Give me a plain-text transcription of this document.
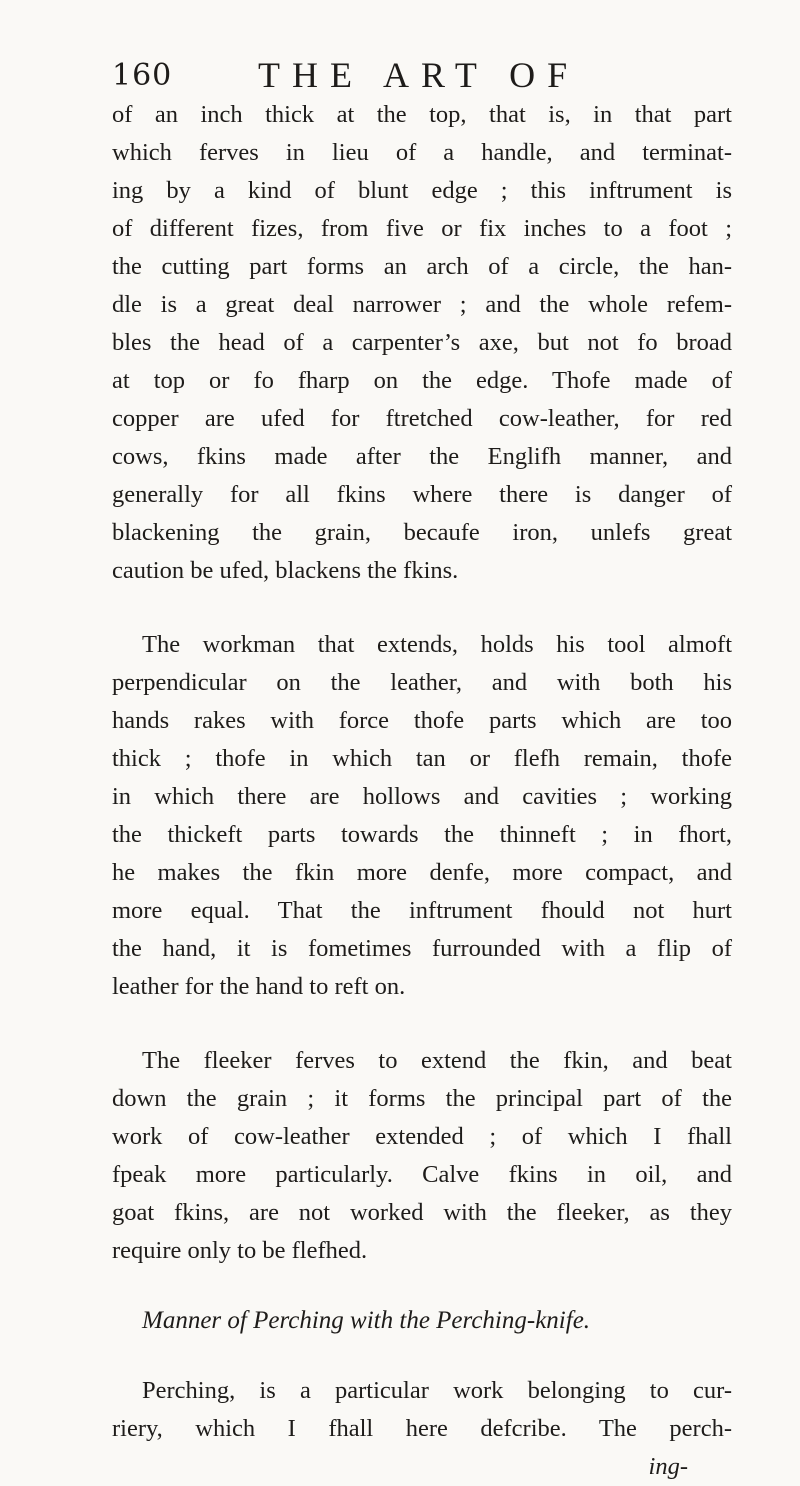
160 THE ART OF
of an inch thick at the top, that is, in that part
which ferves in lieu of a handle, and terminat-
ing by a kind of blunt edge ; this inftrument is
of different fizes, from five or fix inches to a foot ;
the cutting part forms an arch of a circle, the han-
dle is a great deal narrower ; and the whole refem-
bles the head of a carpenter’s axe, but not fo broad
at top or fo fharp on the edge. Thofe made of
copper are ufed for ftretched cow-leather, for red
cows, fkins made after the Englifh manner, and
generally for all fkins where there is danger of
blackening the grain, becaufe iron, unlefs great
caution be ufed, blackens the fkins.
The workman that extends, holds his tool almoft
perpendicular on the leather, and with both his
hands rakes with force thofe parts which are too
thick ; thofe in which tan or flefh remain, thofe
in which there are hollows and cavities ; working
the thickeft parts towards the thinneft ; in fhort,
he makes the fkin more denfe, more compact, and
more equal. That the inftrument fhould not hurt
the hand, it is fometimes furrounded with a flip of
leather for the hand to reft on.
The fleeker ferves to extend the fkin, and beat
down the grain ; it forms the principal part of the
work of cow-leather extended ; of which I fhall
fpeak more particularly. Calve fkins in oil, and
goat fkins, are not worked with the fleeker, as they
require only to be flefhed.
Manner of Perching with the Perching-knife.
Perching, is a particular work belonging to cur-
riery, which I fhall here defcribe. The perch-
ing-
